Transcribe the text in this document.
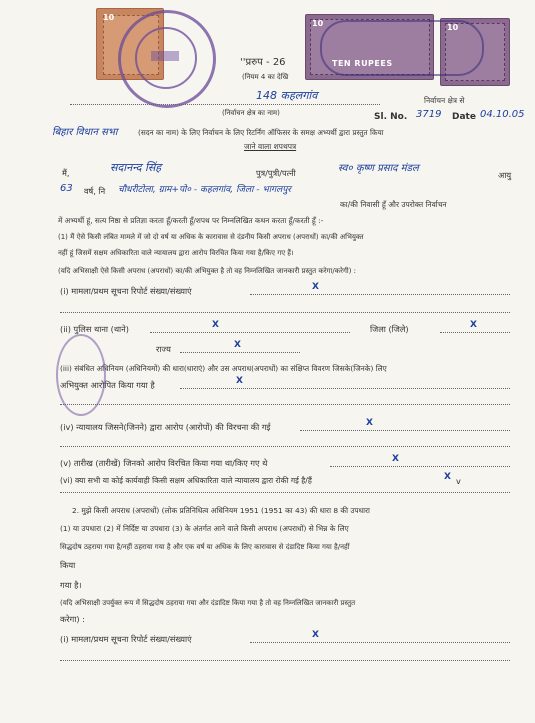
10
10
TEN RUPEES
10
''प्ररुप - 26
(नियम 4 का देखि
148 कहलगांव
(निर्वाचन क्षेत्र का नाम)
निर्वाचन क्षेत्र से
Sl. No. 3719 Date 04.10.05
बिहार विधान सभा	(सदन का नाम) के लिए निर्वाचन के लिए रिटर्निंग ऑफिसर के समक्ष अभ्यर्थी द्वारा प्रस्तुत किया
जाने वाला शपथपत्र
मैं,	सदानन्द सिंह	पुत्र/पुत्री/पत्नी	स्व० कृष्ण प्रसाद मंडल
आयु
63 वर्ष, नि चौधरीटोला, ग्राम+पो० - कहलगांव, जिला - भागलपुर
का/की निवासी हूँ और उपरोक्त निर्वाचन
में अभ्यर्थी हूं, सत्य निष्ठा से प्रतिज्ञा करता हूँ/करती हूँ/शपथ पर निम्नलिखित कथन करता हूँ/करती हूँ :-
(1) मैं ऐसे किसी लंबित मामले में जो दो वर्ष या अधिक के कारावास से दंडनीय किसी अपराध (अपराधों) का/की अभियुक्त
नहीं हूं जिसमें सक्षम अधिकारिता वाले न्यायालय द्वारा आरोप विरचित किया गया है/किए गए हैं।
(यदि अभिसाक्षी ऐसे किसी अपराध (अपराधों) का/की अभियुक्त है तो वह निम्नलिखित जानकारी प्रस्तुत करेगा/करेगी) :
(i) मामला/प्रथम सूचना रिपोर्ट संख्या/संख्याएं	X
(ii) पुलिस थाना (थाने)	X	जिला (जिले)	X
राज्य	X
(iii) संबंधित अधिनियम (अधिनियमों) की धारा(धाराएं) और उस अपराध(अपराधों) का संक्षिप्त विवरण जिसके(जिनके) लिए
अभियुक्त आरोपित किया गया है	X
(iv) न्यायालय जिसने(जिनने) द्वारा आरोप (आरोपों) की विरचना की गई	X
(v) तारीख (तारीखें) जिनको आरोप विरचित किया गया था/किए गए थे	X
(vi) क्या सभी या कोई कार्यवाही किसी सक्षम अधिकारिता वाले न्यायालय द्वारा रोकी गई है/हैं	X v
2. मुझे किसी अपराध (अपराधों) (लोक प्रतिनिधित्व अधिनियम 1951 (1951 का 43) की धारा 8 की उपधारा
(1) या उपधारा (2) में निर्दिष्ट या उपधारा (3) के अंतर्गत आने वाले किसी अपराध (अपराधों) से भिन्न के लिए
सिद्धदोष ठहराया गया है/नहीं ठहराया गया है और एक वर्ष या अधिक के लिए कारावास से दंडादिष्ट किया गया है/नहीं
किया
गया है।
(यदि अभिसाक्षी उपर्युक्त रूप में सिद्धदोष ठहराया गया और दंडादिष्ट किया गया है तो वह निम्नलिखित जानकारी प्रस्तुत
करेगा) :
(i) मामला/प्रथम सूचना रिपोर्ट संख्या/संख्याएं	X
